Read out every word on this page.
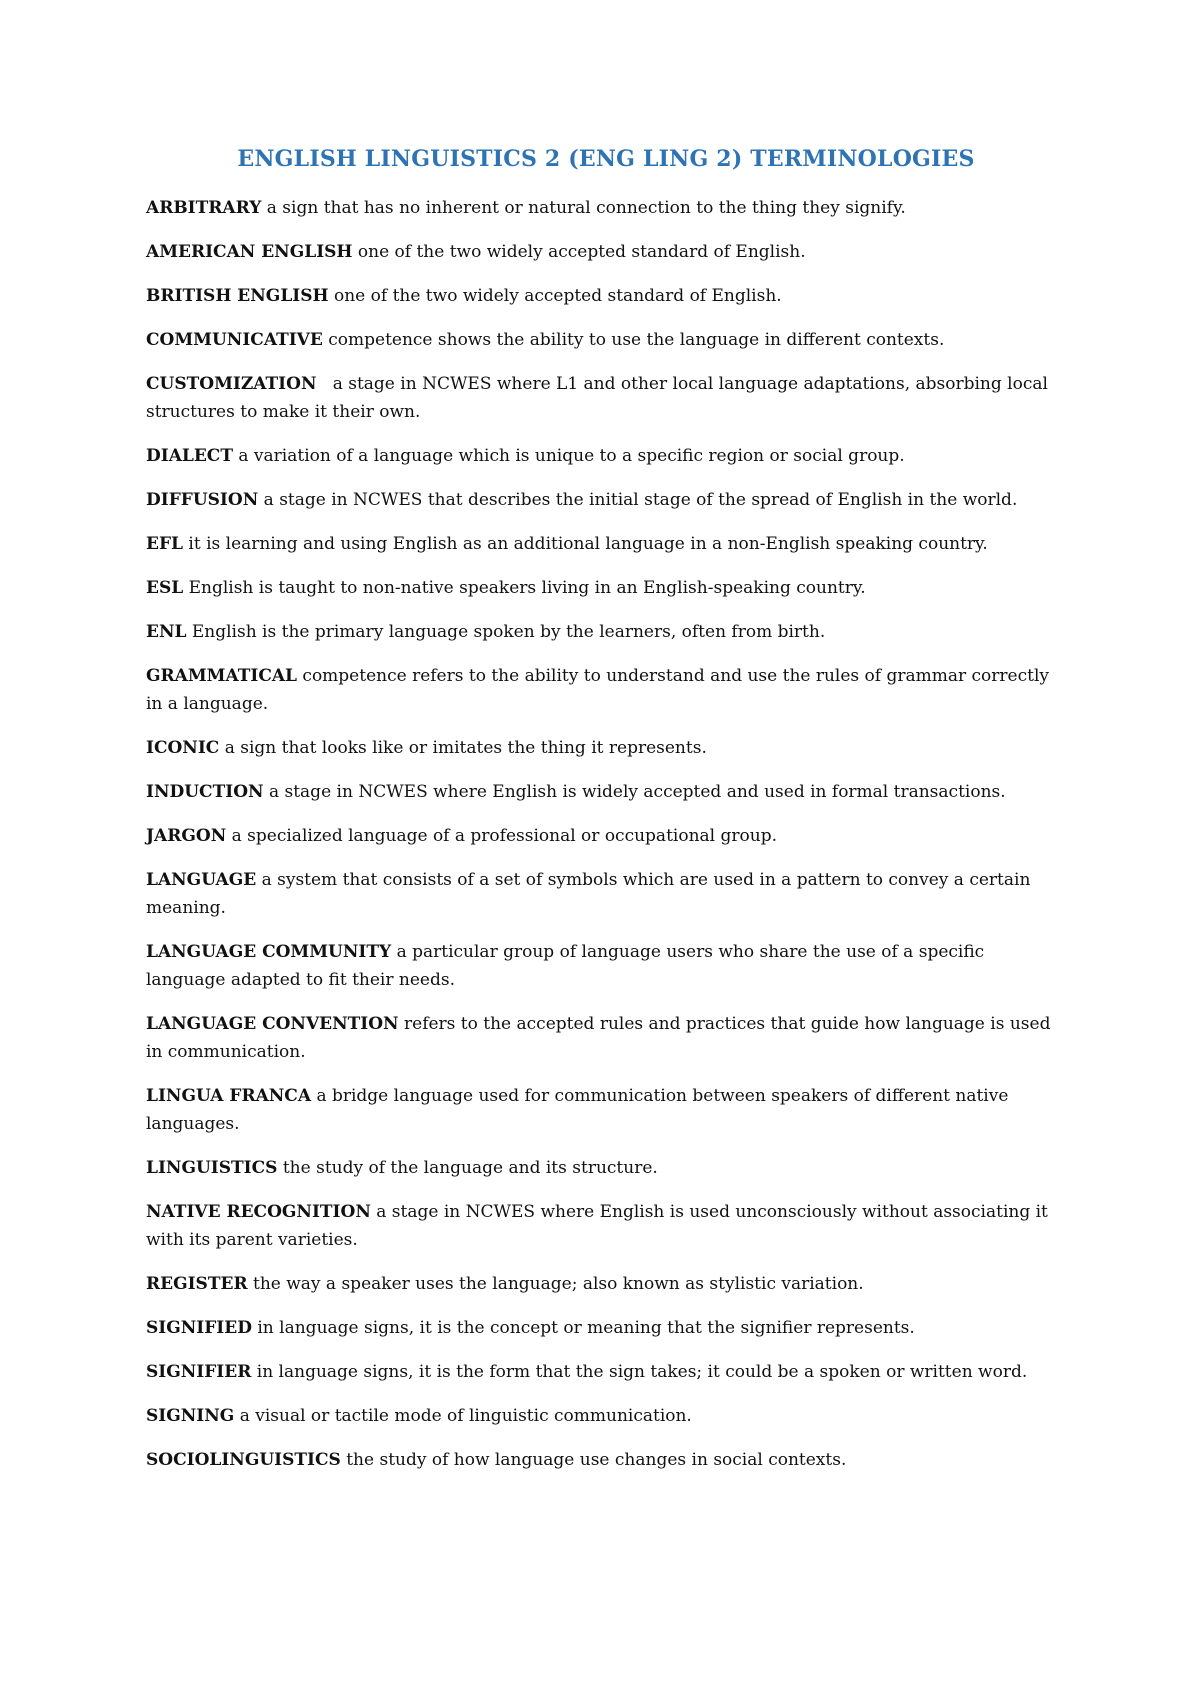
ENGLISH LINGUISTICS 2 (ENG LING 2) TERMINOLOGIES

ARBITRARY a sign that has no inherent or natural connection to the thing they signify.

AMERICAN ENGLISH one of the two widely accepted standard of English.

BRITISH ENGLISH one of the two widely accepted standard of English.

COMMUNICATIVE competence shows the ability to use the language in different contexts.

CUSTOMIZATION   a stage in NCWES where L1 and other local language adaptations, absorbing local structures to make it their own.

DIALECT a variation of a language which is unique to a specific region or social group.

DIFFUSION a stage in NCWES that describes the initial stage of the spread of English in the world.

EFL it is learning and using English as an additional language in a non-English speaking country.

ESL English is taught to non-native speakers living in an English-speaking country.

ENL English is the primary language spoken by the learners, often from birth.

GRAMMATICAL competence refers to the ability to understand and use the rules of grammar correctly in a language.

ICONIC a sign that looks like or imitates the thing it represents.

INDUCTION a stage in NCWES where English is widely accepted and used in formal transactions.

JARGON a specialized language of a professional or occupational group.

LANGUAGE a system that consists of a set of symbols which are used in a pattern to convey a certain meaning.

LANGUAGE COMMUNITY a particular group of language users who share the use of a specific language adapted to fit their needs.

LANGUAGE CONVENTION refers to the accepted rules and practices that guide how language is used in communication.

LINGUA FRANCA a bridge language used for communication between speakers of different native languages.

LINGUISTICS the study of the language and its structure.

NATIVE RECOGNITION a stage in NCWES where English is used unconsciously without associating it with its parent varieties.

REGISTER the way a speaker uses the language; also known as stylistic variation.

SIGNIFIED in language signs, it is the concept or meaning that the signifier represents.

SIGNIFIER in language signs, it is the form that the sign takes; it could be a spoken or written word.

SIGNING a visual or tactile mode of linguistic communication.

SOCIOLINGUISTICS the study of how language use changes in social contexts.
